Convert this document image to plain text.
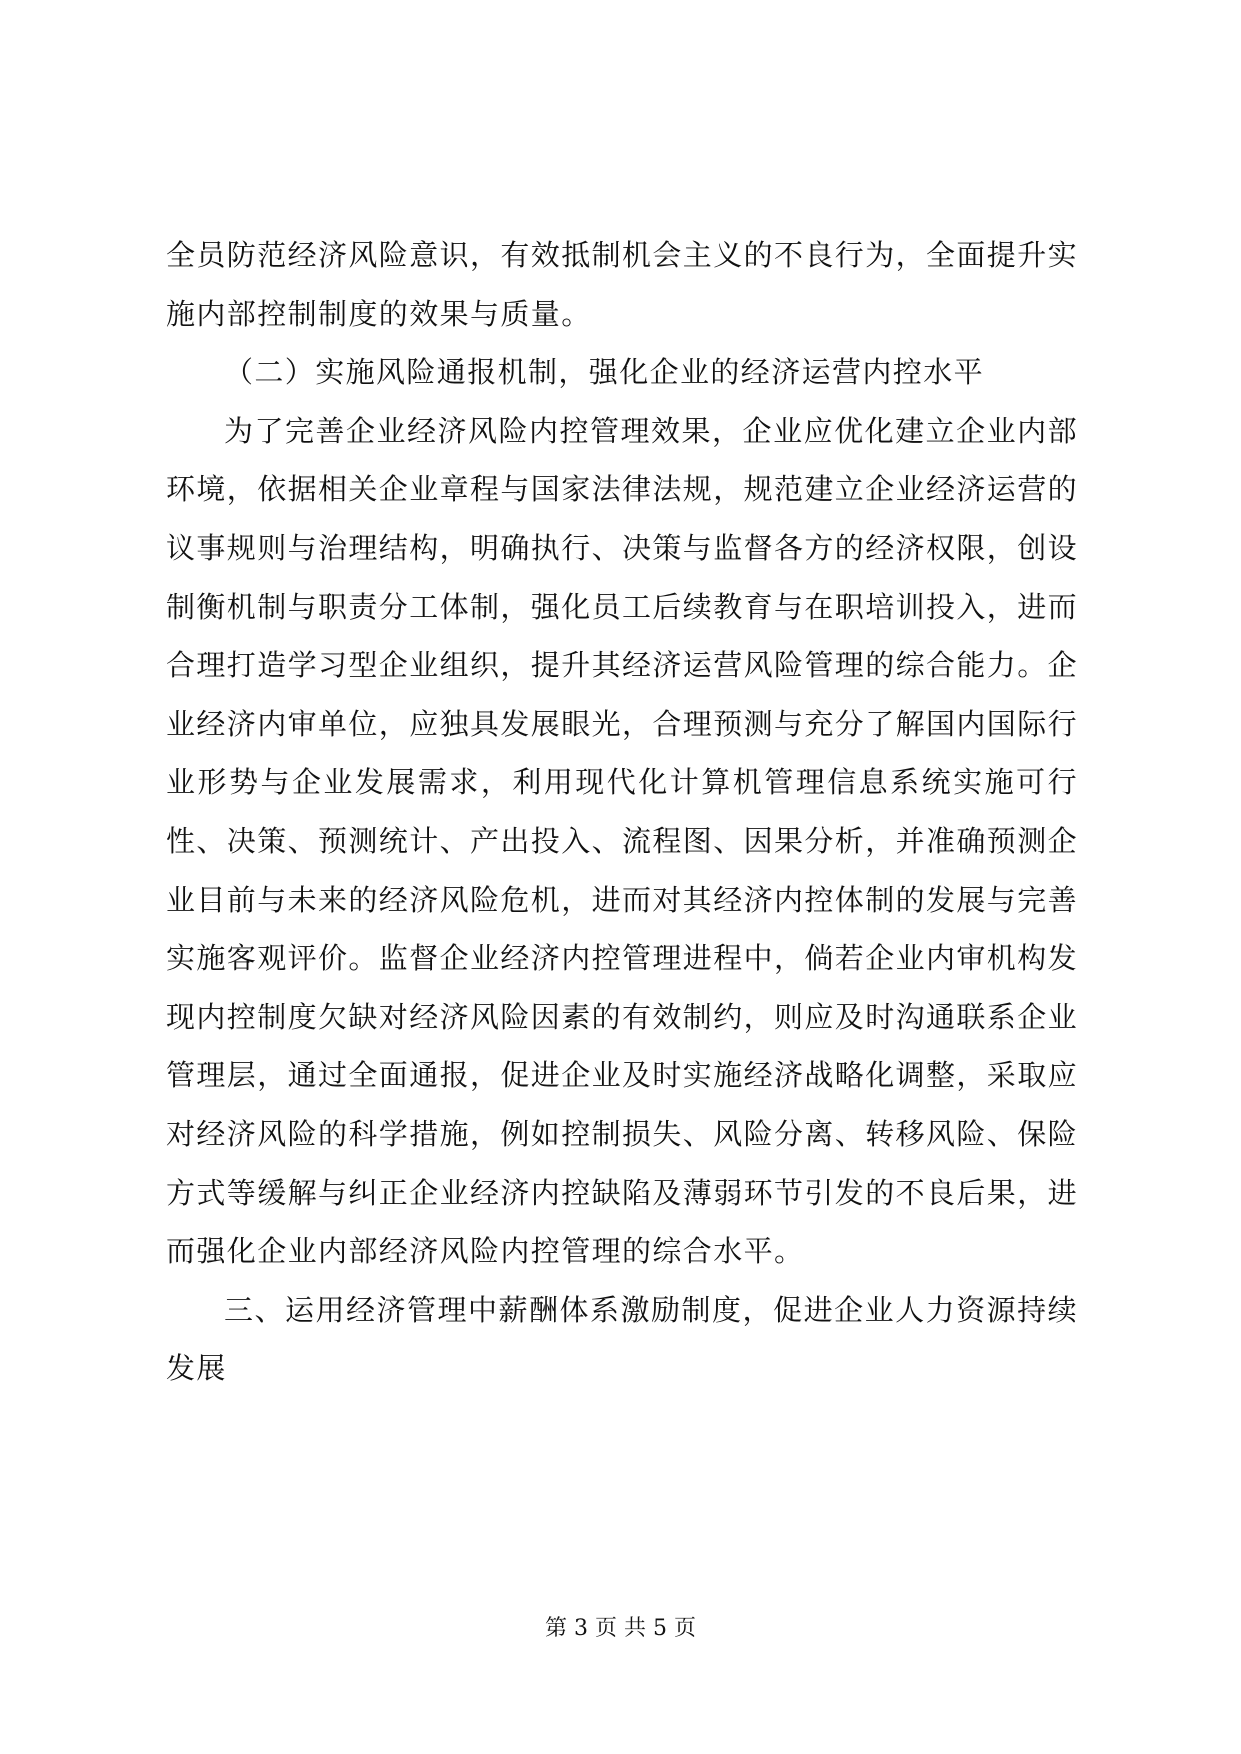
全员防范经济风险意识，有效抵制机会主义的不良行为，全面提升实施内部控制制度的效果与质量。

（二）实施风险通报机制，强化企业的经济运营内控水平

为了完善企业经济风险内控管理效果，企业应优化建立企业内部环境，依据相关企业章程与国家法律法规，规范建立企业经济运营的议事规则与治理结构，明确执行、决策与监督各方的经济权限，创设制衡机制与职责分工体制，强化员工后续教育与在职培训投入，进而合理打造学习型企业组织，提升其经济运营风险管理的综合能力。企业经济内审单位，应独具发展眼光，合理预测与充分了解国内国际行业形势与企业发展需求，利用现代化计算机管理信息系统实施可行性、决策、预测统计、产出投入、流程图、因果分析，并准确预测企业目前与未来的经济风险危机，进而对其经济内控体制的发展与完善实施客观评价。监督企业经济内控管理进程中，倘若企业内审机构发现内控制度欠缺对经济风险因素的有效制约，则应及时沟通联系企业管理层，通过全面通报，促进企业及时实施经济战略化调整，采取应对经济风险的科学措施，例如控制损失、风险分离、转移风险、保险方式等缓解与纠正企业经济内控缺陷及薄弱环节引发的不良后果，进而强化企业内部经济风险内控管理的综合水平。

三、运用经济管理中薪酬体系激励制度，促进企业人力资源持续发展

第 3 页 共 5 页
